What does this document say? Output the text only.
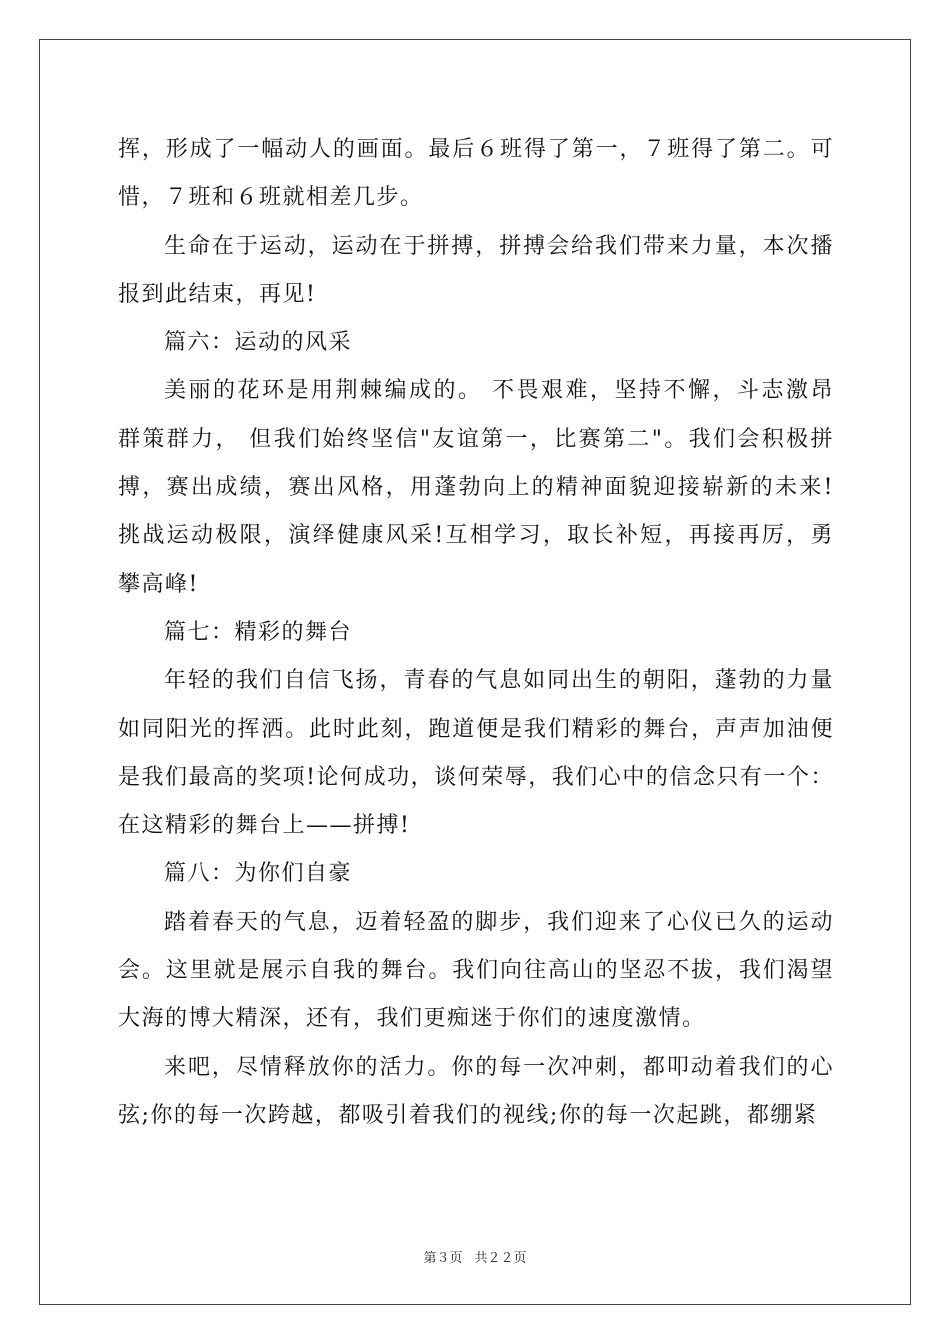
挥，形成了一幅动人的画面。最后６班得了第一，７班得了第二。可
惜，７班和６班就相差几步。
生命在于运动，运动在于拼搏，拼搏会给我们带来力量，本次播
报到此结束，再见!
篇六：运动的风采
美丽的花环是用荆棘编成的。 不畏艰难，坚持不懈，斗志激昂
群策群力， 但我们始终坚信"友谊第一，比赛第二"。我们会积极拼
搏，赛出成绩，赛出风格，用蓬勃向上的精神面貌迎接崭新的未来!
挑战运动极限，演绎健康风采!互相学习，取长补短，再接再厉，勇
攀高峰!
篇七：精彩的舞台
年轻的我们自信飞扬，青春的气息如同出生的朝阳，蓬勃的力量
如同阳光的挥洒。此时此刻，跑道便是我们精彩的舞台，声声加油便
是我们最高的奖项!论何成功，谈何荣辱，我们心中的信念只有一个：
在这精彩的舞台上——拼搏!
篇八：为你们自豪
踏着春天的气息，迈着轻盈的脚步，我们迎来了心仪已久的运动
会。这里就是展示自我的舞台。我们向往高山的坚忍不拔，我们渴望
大海的博大精深，还有，我们更痴迷于你们的速度激情。
来吧，尽情释放你的活力。你的每一次冲刺，都叩动着我们的心
弦;你的每一次跨越，都吸引着我们的视线;你的每一次起跳，都绷紧
第３页 共２２页
